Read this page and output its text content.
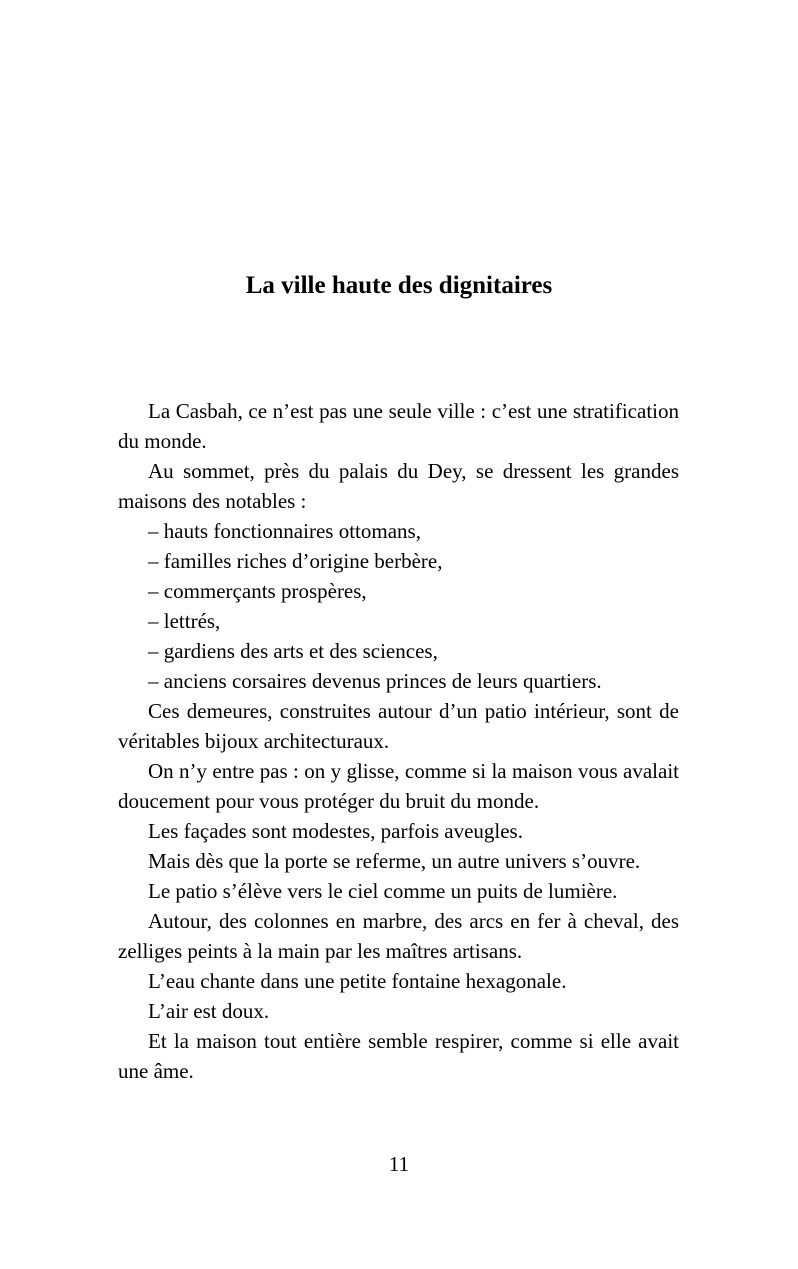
La ville haute des dignitaires

La Casbah, ce n’est pas une seule ville : c’est une stratification du monde.

Au sommet, près du palais du Dey, se dressent les grandes maisons des notables :

– hauts fonctionnaires ottomans,

– familles riches d’origine berbère,

– commerçants prospères,

– lettrés,

– gardiens des arts et des sciences,

– anciens corsaires devenus princes de leurs quartiers.

Ces demeures, construites autour d’un patio intérieur, sont de véritables bijoux architecturaux.

On n’y entre pas : on y glisse, comme si la maison vous avalait doucement pour vous protéger du bruit du monde.

Les façades sont modestes, parfois aveugles.

Mais dès que la porte se referme, un autre univers s’ouvre.

Le patio s’élève vers le ciel comme un puits de lumière.

Autour, des colonnes en marbre, des arcs en fer à cheval, des zelliges peints à la main par les maîtres artisans.

L’eau chante dans une petite fontaine hexagonale.

L’air est doux.

Et la maison tout entière semble respirer, comme si elle avait une âme.

11
